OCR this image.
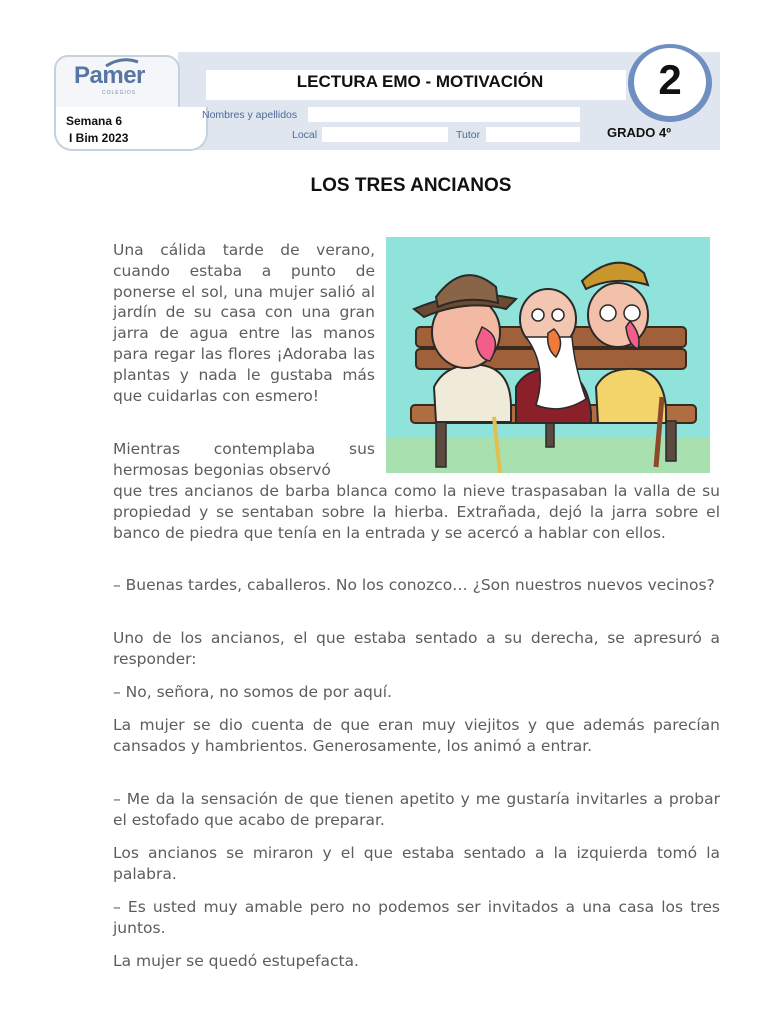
LECTURA EMO - MOTIVACIÓN
Pamer
COLEGIOS
Semana 6
I Bim 2023
Nombres y apellidos
Local	Tutor	GRADO 4º
2
LOS TRES ANCIANOS

Una cálida tarde de verano, cuando estaba a punto de ponerse el sol, una mujer salió al jardín de su casa con una gran jarra de agua entre las manos para regar las flores ¡Adoraba las plantas y nada le gustaba más que cuidarlas con esmero!

Mientras contemplaba sus hermosas begonias observó

que tres ancianos de barba blanca como la nieve traspasaban la valla de su propiedad y se sentaban sobre la hierba. Extrañada, dejó la jarra sobre el banco de piedra que tenía en la entrada y se acercó a hablar con ellos.

– Buenas tardes, caballeros. No los conozco… ¿Son nuestros nuevos vecinos?

Uno de los ancianos, el que estaba sentado a su derecha, se apresuró a responder:

– No, señora, no somos de por aquí.

La mujer se dio cuenta de que eran muy viejitos y que además parecían cansados y hambrientos. Generosamente, los animó a entrar.

– Me da la sensación de que tienen apetito y me gustaría invitarles a probar el estofado que acabo de preparar.

Los ancianos se miraron y el que estaba sentado a la izquierda tomó la palabra.

– Es usted muy amable pero no podemos ser invitados a una casa los tres juntos.

La mujer se quedó estupefacta.
